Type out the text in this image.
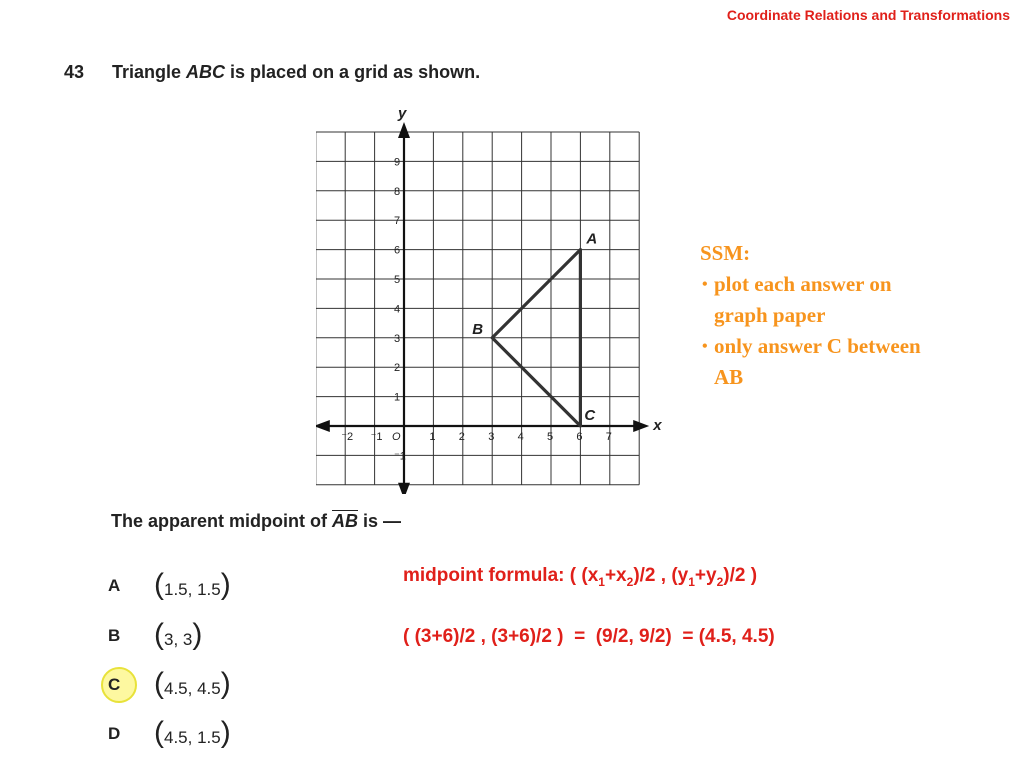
Coordinate Relations and Transformations
43 Triangle ABC is placed on a grid as shown.
⁻2 ⁻1	1 2 3 4 5 6 7
⁻1
1
2
3
4
5
6
7
8
9
O
x
y
A
B
C
SSM:
• plot each answer on
graph paper
• only answer C between
AB
The apparent midpoint of $\overline{AB}$ is —
A	(1.5, 1.5)
B	(3, 3)
C	(4.5, 4.5)
D	(4.5, 1.5)
midpoint formula: ( $(x_1+x_2)/2$ , $(y_1+y_2)/2$ )
( (3+6)/2 , (3+6)/2 )  =  (9/2, 9/2)  = (4.5, 4.5)
